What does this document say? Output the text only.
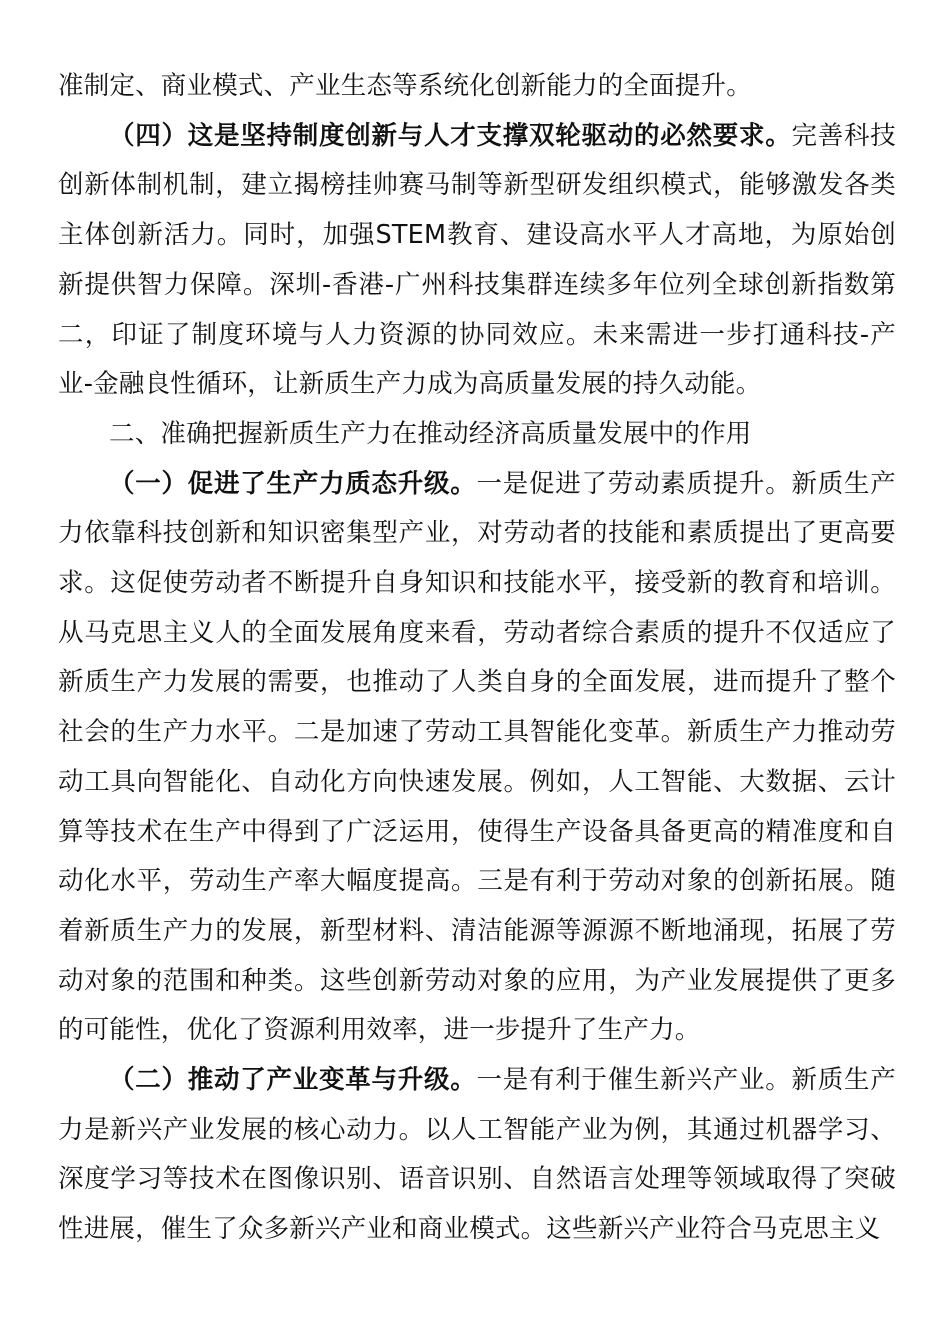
准制定、商业模式、产业生态等系统化创新能力的全面提升。

（四）这是坚持制度创新与人才支撑双轮驱动的必然要求。完善科技创新体制机制，建立揭榜挂帅赛马制等新型研发组织模式，能够激发各类主体创新活力。同时，加强STEM教育、建设高水平人才高地，为原始创新提供智力保障。深圳-香港-广州科技集群连续多年位列全球创新指数第二，印证了制度环境与人力资源的协同效应。未来需进一步打通科技-产业-金融良性循环，让新质生产力成为高质量发展的持久动能。

二、准确把握新质生产力在推动经济高质量发展中的作用

（一）促进了生产力质态升级。一是促进了劳动素质提升。新质生产力依靠科技创新和知识密集型产业，对劳动者的技能和素质提出了更高要求。这促使劳动者不断提升自身知识和技能水平，接受新的教育和培训。从马克思主义人的全面发展角度来看，劳动者综合素质的提升不仅适应了新质生产力发展的需要，也推动了人类自身的全面发展，进而提升了整个社会的生产力水平。二是加速了劳动工具智能化变革。新质生产力推动劳动工具向智能化、自动化方向快速发展。例如，人工智能、大数据、云计算等技术在生产中得到了广泛运用，使得生产设备具备更高的精准度和自动化水平，劳动生产率大幅度提高。三是有利于劳动对象的创新拓展。随着新质生产力的发展，新型材料、清洁能源等源源不断地涌现，拓展了劳动对象的范围和种类。这些创新劳动对象的应用，为产业发展提供了更多的可能性，优化了资源利用效率，进一步提升了生产力。

（二）推动了产业变革与升级。一是有利于催生新兴产业。新质生产力是新兴产业发展的核心动力。以人工智能产业为例，其通过机器学习、深度学习等技术在图像识别、语音识别、自然语言处理等领域取得了突破性进展，催生了众多新兴产业和商业模式。这些新兴产业符合马克思主义
